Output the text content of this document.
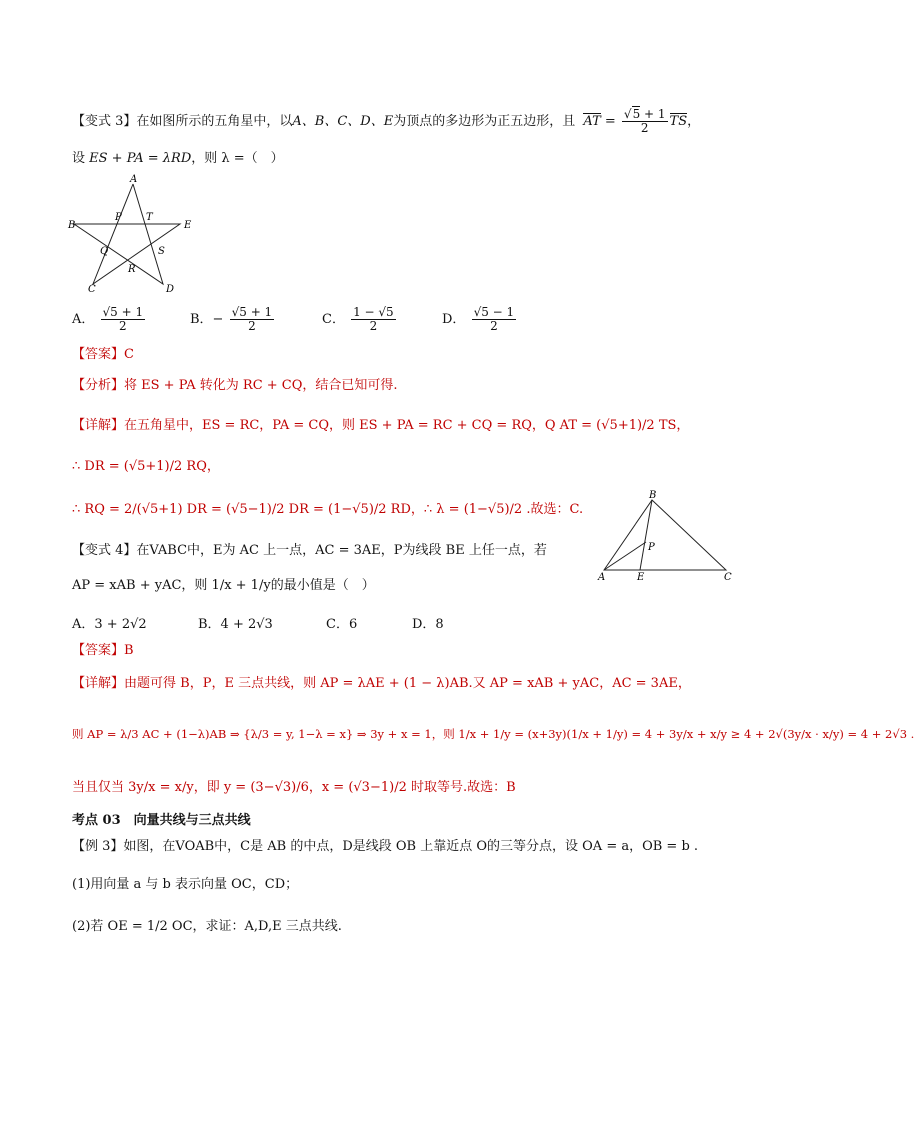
【变式 3】在如图所示的五角星中，以A、B、C、D、E为顶点的多边形为正五边形，且 AT = $\frac{√5 + 1}{2}$ TS，
设 ES + PA = λRD，则 λ =（　）
A
B	E
P T
Q	S
R
C	D
A． $\frac{√5 + 1}{2}$	B．− $\frac{√5 + 1}{2}$	C． $\frac{1 - √5}{2}$	D． $\frac{√5 - 1}{2}$
【答案】C
【分析】将 ES + PA 转化为 RC + CQ，结合已知可得.
【详解】在五角星中，ES = RC，PA = CQ，则 ES + PA = RC + CQ = RQ，Q AT = (√5+1)/2 TS，
∴ DR = (√5+1)/2 RQ，
∴ RQ = 2/(√5+1) DR = (√5−1)/2 DR = (1−√5)/2 RD，∴ λ = (1−√5)/2 .故选：C.
【变式 4】在VABC中，E为 AC 上一点，AC = 3AE，P为线段 BE 上任一点，若
AP = xAB + yAC，则 1/x + 1/y的最小值是（　）
B
P
A	E	C
A．3 + 2√2	B．4 + 2√3	C．6	D．8
【答案】B
【详解】由题可得 B，P，E 三点共线，则 AP = λAE + (1 − λ)AB.又 AP = xAB + yAC，AC = 3AE，
则 AP = λ/3 AC + (1−λ)AB ⇒ {λ/3 = y, 1−λ = x} ⇒ 3y + x = 1，则 1/x + 1/y = (x+3y)(1/x + 1/y) = 4 + 3y/x + x/y ≥ 4 + 2√(3y/x · x/y) = 4 + 2√3 .
当且仅当 3y/x = x/y，即 y = (3−√3)/6，x = (√3−1)/2 时取等号.故选：B
考点 03　向量共线与三点共线
【例 3】如图，在VOAB中，C是 AB 的中点，D是线段 OB 上靠近点 O的三等分点，设 OA = a，OB = b .
(1)用向量 a 与 b 表示向量 OC，CD；
(2)若 OE = 1/2 OC，求证：A,D,E 三点共线.
